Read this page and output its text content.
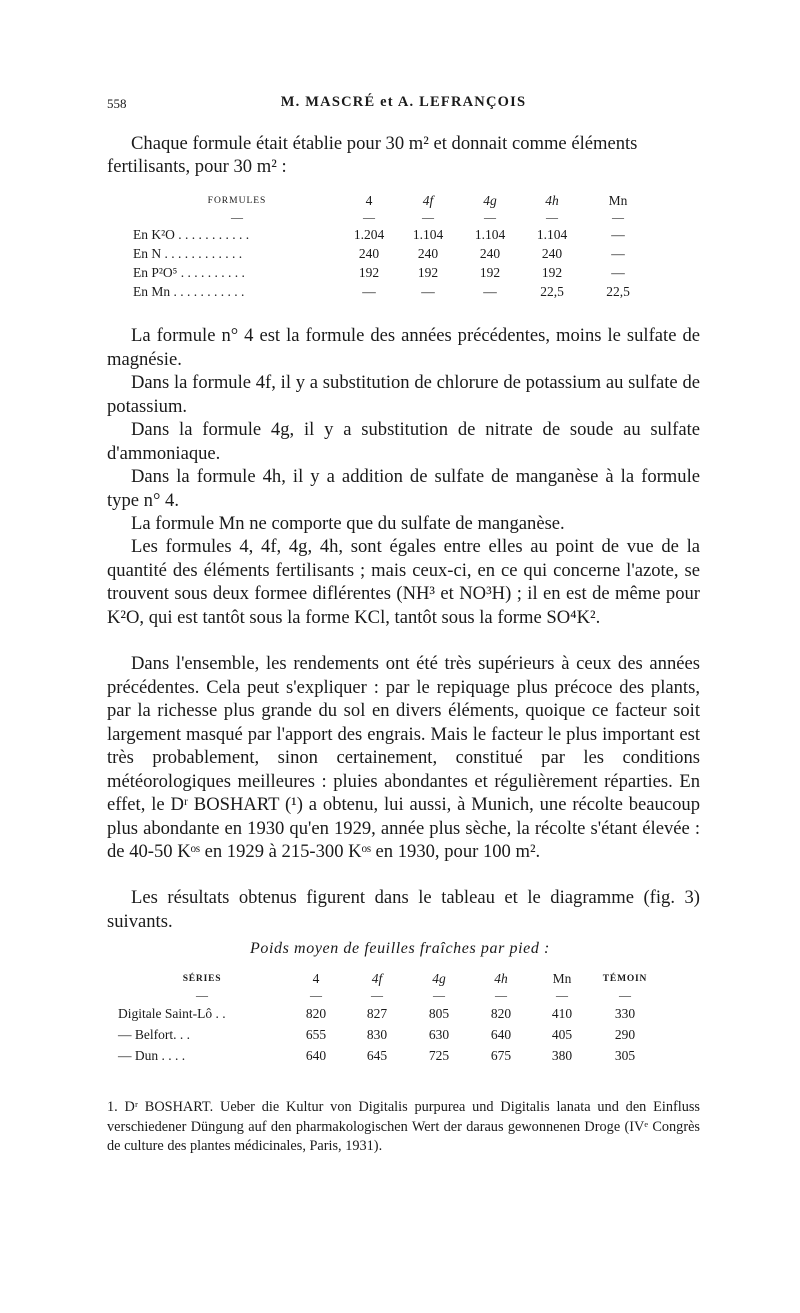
558	M. MASCRÉ et A. LEFRANÇOIS
Chaque formule était établie pour 30 m² et donnait comme éléments
fertilisants, pour 30 m² :
FORMULES	4	4f	4g	4h	Mn
—	—	—	—	—	—
En K²O . . . . . . . . . . .	1.204	1.104	1.104	1.104	—
En N . . . . . . . . . . . .	240	240	240	240	—
En P²O⁵ . . . . . . . . . .	192	192	192	192	—
En Mn . . . . . . . . . . .	—	—	—	22,5	22,5
La formule n° 4 est la formule des années précédentes, moins le sulfate de magnésie.
Dans la formule 4f, il y a substitution de chlorure de potassium au sulfate de potassium.
Dans la formule 4g, il y a substitution de nitrate de soude au sulfate d'ammoniaque.
Dans la formule 4h, il y a addition de sulfate de manganèse à la formule type n° 4.
La formule Mn ne comporte que du sulfate de manganèse.
Les formules 4, 4f, 4g, 4h, sont égales entre elles au point de vue de la quantité des éléments fertilisants ; mais ceux-ci, en ce qui concerne l'azote, se trouvent sous deux formee diflérentes (NH³ et NO³H) ; il en est de même pour K²O, qui est tantôt sous la forme KCl, tantôt sous la forme SO⁴K².
Dans l'ensemble, les rendements ont été très supérieurs à ceux des années précédentes. Cela peut s'expliquer : par le repiquage plus précoce des plants, par la richesse plus grande du sol en divers éléments, quoique ce facteur soit largement masqué par l'apport des engrais. Mais le facteur le plus important est très probablement, sinon certainement, constitué par les conditions météorologiques meilleures : pluies abondantes et régulièrement réparties. En effet, le Dʳ BOSHART (¹) a obtenu, lui aussi, à Munich, une récolte beaucoup plus abondante en 1930 qu'en 1929, année plus sèche, la récolte s'étant élevée : de 40-50 Kᵒˢ en 1929 à 215-300 Kᵒˢ en 1930, pour 100 m².
Les résultats obtenus figurent dans le tableau et le diagramme (fig. 3) suivants.
Poids moyen de feuilles fraîches par pied :
SÉRIES	4	4f	4g	4h	Mn	TÉMOIN
—	—	—	—	—	—	—
Digitale Saint-Lô . .	820	827	805	820	410	330
— Belfort. . .	655	830	630	640	405	290
— Dun . . . .	640	645	725	675	380	305
1. Dʳ BOSHART. Ueber die Kultur von Digitalis purpurea und Digitalis lanata und den Einfluss verschiedener Düngung auf den pharmakologischen Wert der daraus gewonnenen Droge (IVᵉ Congrès de culture des plantes médicinales, Paris, 1931).
